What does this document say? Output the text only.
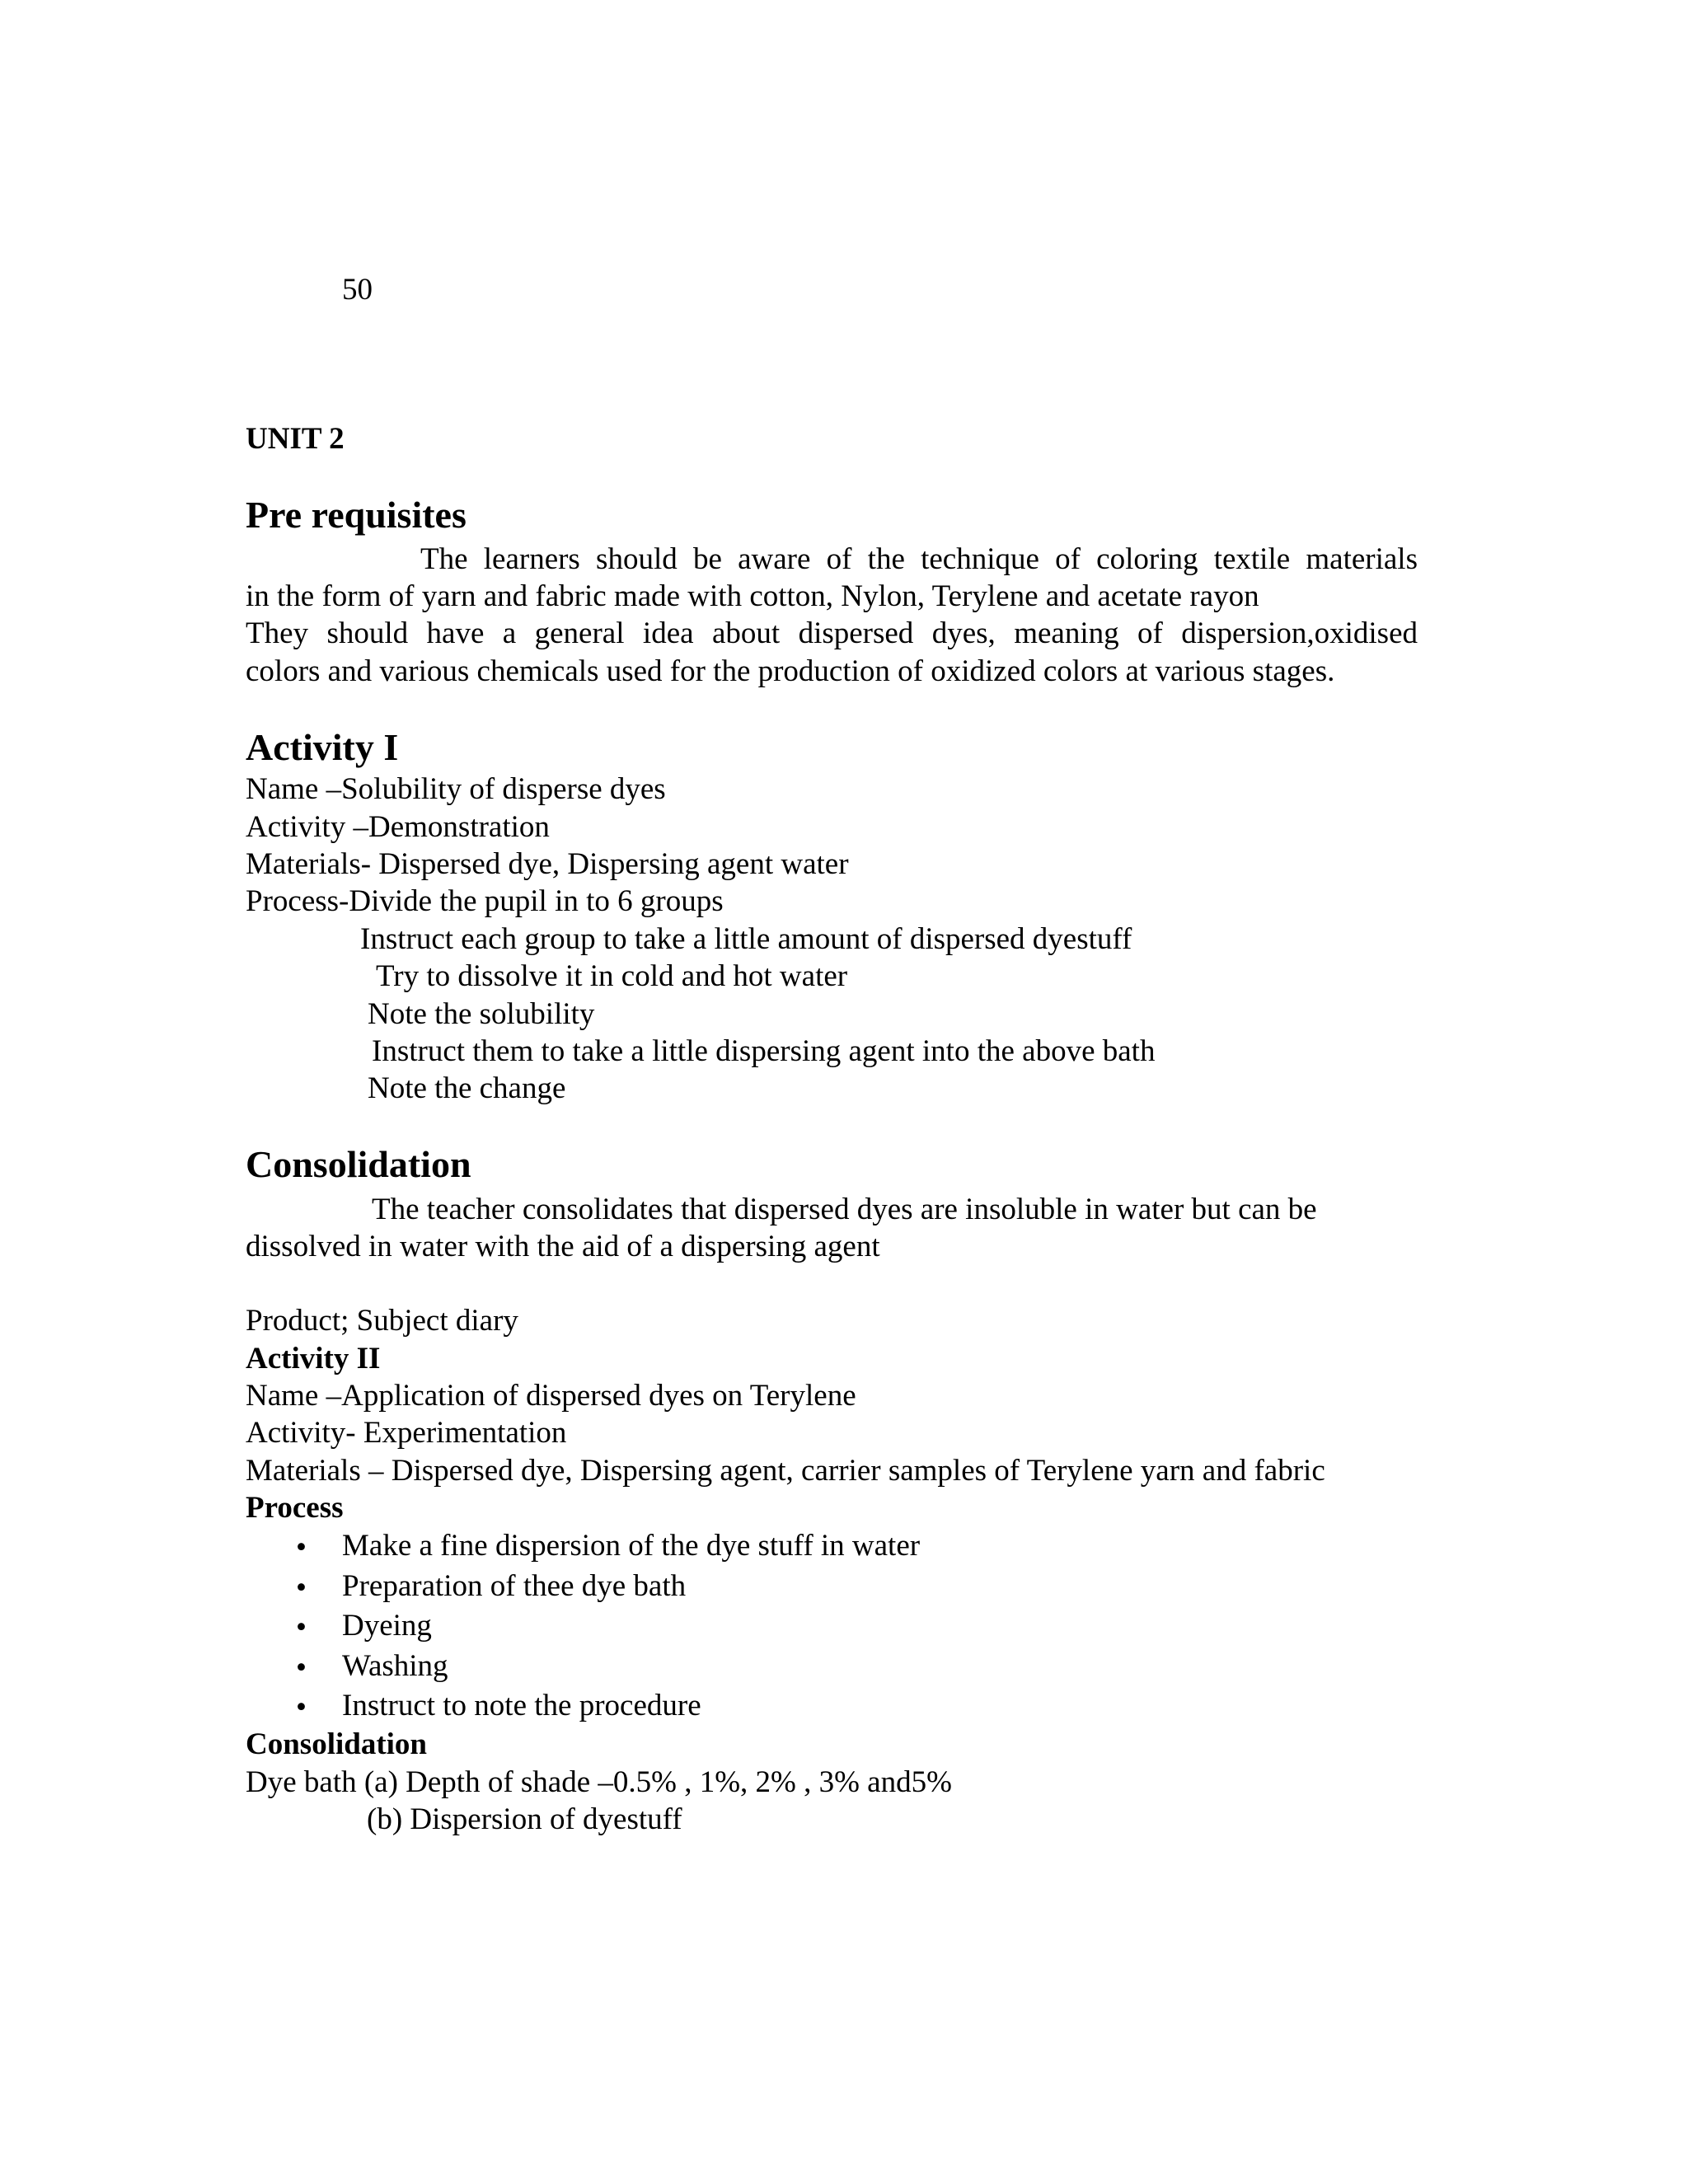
50
UNIT 2
Pre requisites
The learners should be aware of the technique of coloring textile materials
in the form of yarn and fabric made with cotton, Nylon, Terylene and acetate rayon
They should have a general idea about dispersed dyes, meaning of dispersion,oxidised
colors and various chemicals used for the production of oxidized colors at various stages.
Activity I
Name –Solubility of disperse dyes
Activity –Demonstration
Materials- Dispersed dye, Dispersing agent water
Process-Divide the pupil in to 6 groups
Instruct each group to take a little amount of dispersed dyestuff
Try to dissolve it in cold and hot water
Note the solubility
Instruct them to take a little dispersing agent into the above bath
Note the change
Consolidation
The teacher consolidates that dispersed dyes are insoluble in water but can be
dissolved in water with the aid of a dispersing agent
Product; Subject diary
Activity II
Name –Application of dispersed dyes on Terylene
Activity- Experimentation
Materials – Dispersed dye, Dispersing agent, carrier samples of Terylene yarn and fabric
Process
• Make a fine dispersion of the dye stuff in water
• Preparation of thee dye bath
• Dyeing
• Washing
• Instruct to note the procedure
Consolidation
Dye bath (a) Depth of shade –0.5% , 1%, 2% , 3% and5%
(b) Dispersion of dyestuff
